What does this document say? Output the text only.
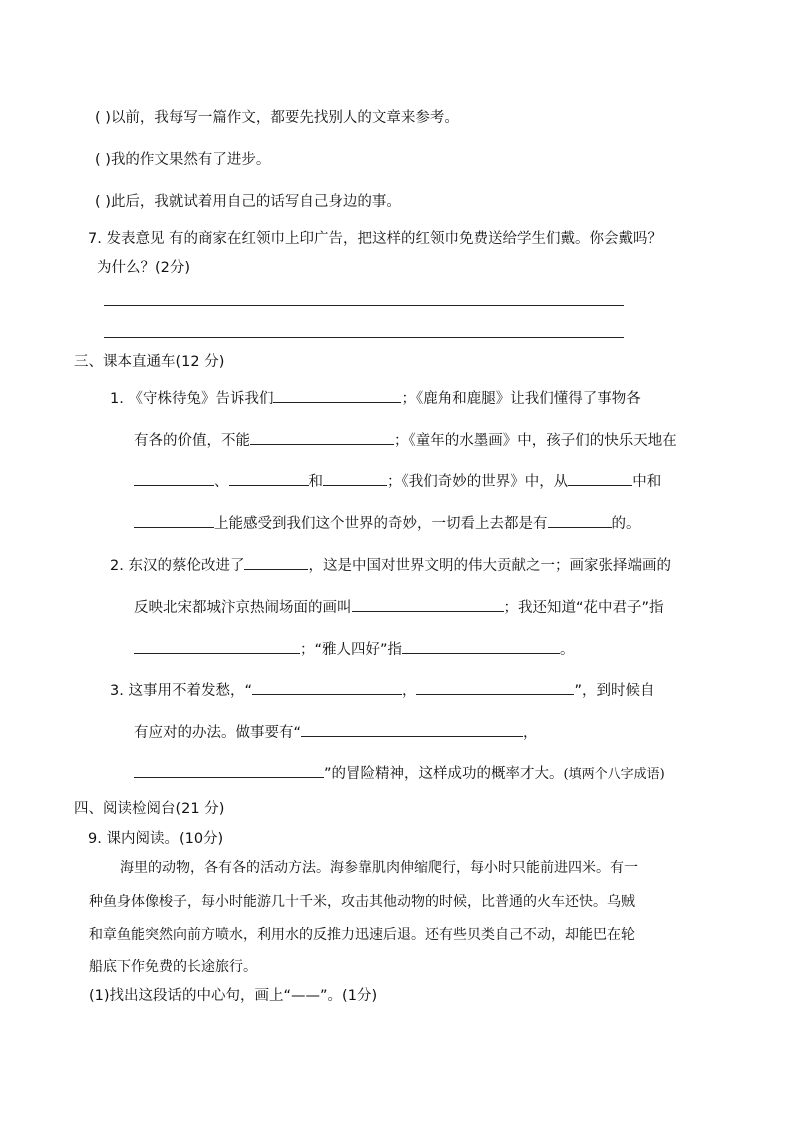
( )以前，我每写一篇作文，都要先找别人的文章来参考。
( )我的作文果然有了进步。
( )此后，我就试着用自己的话写自己身边的事。
7. 发表意见 有的商家在红领巾上印广告，把这样的红领巾免费送给学生们戴。你会戴吗？
为什么？(2分)
三、课本直通车(12 分)
1. 《守株待兔》告诉我们	；《鹿角和鹿腿》让我们懂得了事物各
有各的价值，不能	；《童年的水墨画》中，孩子们的快乐天地在
、	和	；《我们奇妙的世界》中，从	中和
上能感受到我们这个世界的奇妙，一切看上去都是有	的。
2. 东汉的蔡伦改进了	，这是中国对世界文明的伟大贡献之一；画家张择端画的
反映北宋都城汴京热闹场面的画叫	；我还知道“花中君子”指
；“雅人四好”指	。
3. 这事用不着发愁，“	，	”，到时候自
有应对的办法。做事要有“	，
”的冒险精神，这样成功的概率才大。(填两个八字成语)
四、阅读检阅台(21 分)
9. 课内阅读。(10分)
海里的动物，各有各的活动方法。海参靠肌肉伸缩爬行，每小时只能前进四米。有一
种鱼身体像梭子，每小时能游几十千米，攻击其他动物的时候，比普通的火车还快。乌贼
和章鱼能突然向前方喷水，利用水的反推力迅速后退。还有些贝类自己不动，却能巴在轮
船底下作免费的长途旅行。
(1)找出这段话的中心句，画上“——”。(1分)
